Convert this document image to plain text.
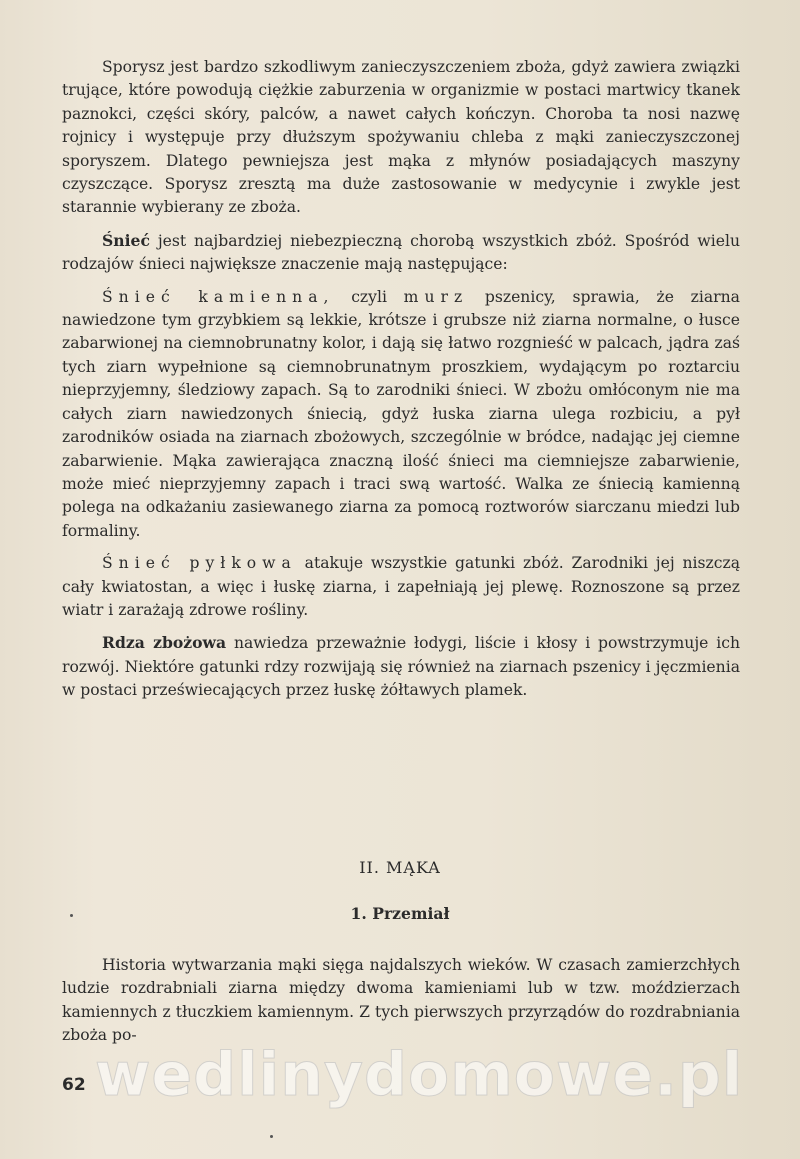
Sporysz jest bardzo szkodliwym zanieczyszczeniem zboża, gdyż zawiera związki trujące, które powodują ciężkie zaburzenia w organizmie w postaci martwicy tkanek paznokci, części skóry, palców, a nawet całych kończyn. Choroba ta nosi nazwę rojnicy i występuje przy dłuższym spożywaniu chleba z mąki zanieczyszczonej sporyszem. Dlatego pewniejsza jest mąka z młynów posiadających maszyny czyszczące. Sporysz zresztą ma duże zastosowanie w medycynie i zwykle jest starannie wybierany ze zboża.

Śnieć jest najbardziej niebezpieczną chorobą wszystkich zbóż. Spośród wielu rodzajów śnieci największe znaczenie mają następujące:

Śnieć kamienna, czyli murz pszenicy, sprawia, że ziarna nawiedzone tym grzybkiem są lekkie, krótsze i grubsze niż ziarna normalne, o łusce zabarwionej na ciemnobrunatny kolor, i dają się łatwo rozgnieść w palcach, jądra zaś tych ziarn wypełnione są ciemnobrunatnym proszkiem, wydającym po roztarciu nieprzyjemny, śledziowy zapach. Są to zarodniki śnieci. W zbożu omłóconym nie ma całych ziarn nawiedzonych śniecią, gdyż łuska ziarna ulega rozbiciu, a pył zarodników osiada na ziarnach zbożowych, szczególnie w bródce, nadając jej ciemne zabarwienie. Mąka zawierająca znaczną ilość śnieci ma ciemniejsze zabarwienie, może mieć nieprzyjemny zapach i traci swą wartość. Walka ze śniecią kamienną polega na odkażaniu zasiewanego ziarna za pomocą roztworów siarczanu miedzi lub formaliny.

Śnieć pyłkowa atakuje wszystkie gatunki zbóż. Zarodniki jej niszczą cały kwiatostan, a więc i łuskę ziarna, i zapełniają jej plewę. Roznoszone są przez wiatr i zarażają zdrowe rośliny.

Rdza zbożowa nawiedza przeważnie łodygi, liście i kłosy i powstrzymuje ich rozwój. Niektóre gatunki rdzy rozwijają się również na ziarnach pszenicy i jęczmienia w postaci przeświecających przez łuskę żółtawych plamek.

II. MĄKA
1. Przemiał
Historia wytwarzania mąki sięga najdalszych wieków. W czasach zamierzchłych ludzie rozdrabniali ziarna między dwoma kamieniami lub w tzw. moździerzach kamiennych z tłuczkiem kamiennym. Z tych pierwszych przyrządów do rozdrabniania zboża po-
wedlinydomowe.pl
62
